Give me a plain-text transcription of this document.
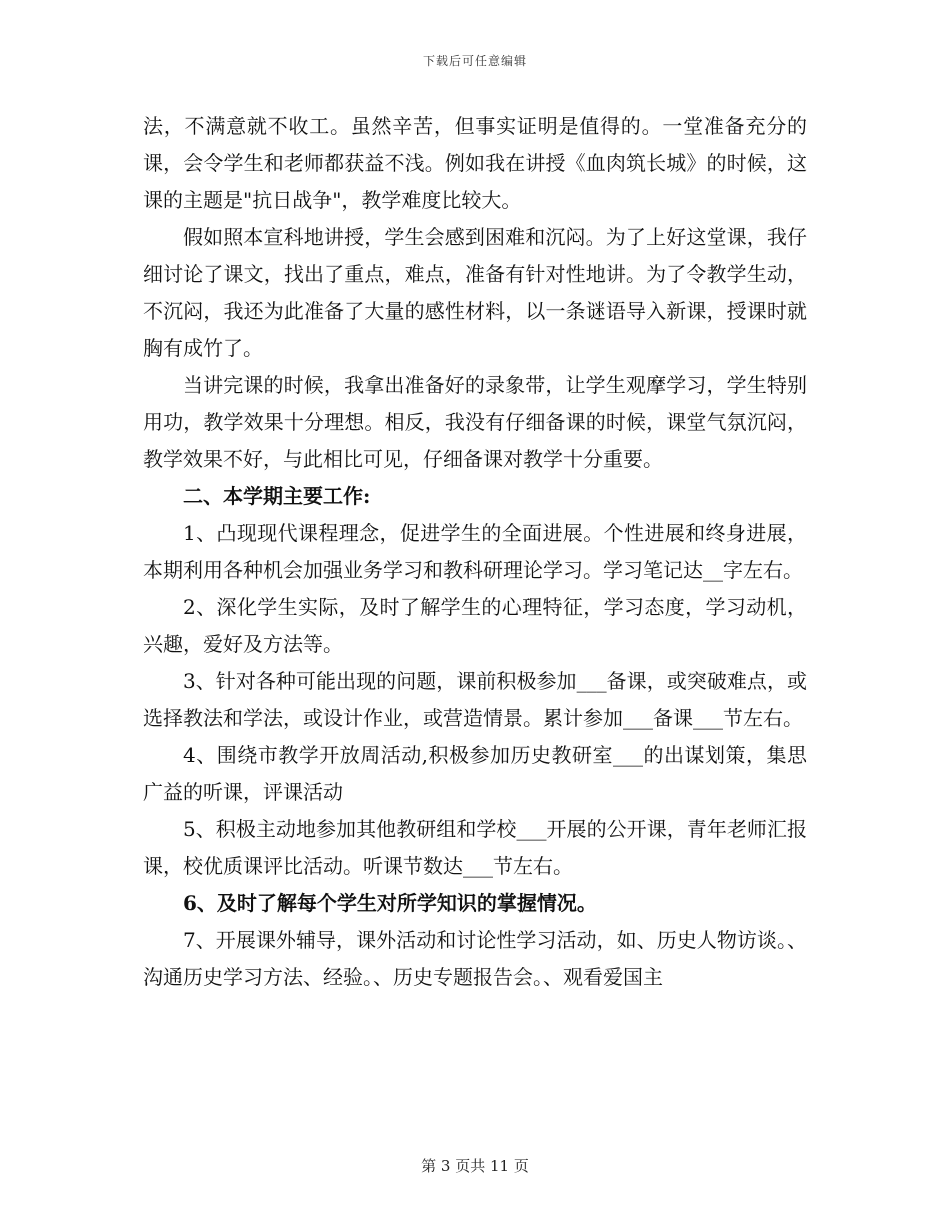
下载后可任意编辑

法，不满意就不收工。虽然辛苦，但事实证明是值得的。一堂准备充分的课，会令学生和老师都获益不浅。例如我在讲授《血肉筑长城》的时候，这课的主题是"抗日战争"，教学难度比较大。

假如照本宣科地讲授，学生会感到困难和沉闷。为了上好这堂课，我仔细讨论了课文，找出了重点，难点，准备有针对性地讲。为了令教学生动，不沉闷，我还为此准备了大量的感性材料，以一条谜语导入新课，授课时就胸有成竹了。

当讲完课的时候，我拿出准备好的录象带，让学生观摩学习，学生特别用功，教学效果十分理想。相反，我没有仔细备课的时候，课堂气氛沉闷，教学效果不好，与此相比可见，仔细备课对教学十分重要。

二、本学期主要工作:

1、凸现现代课程理念，促进学生的全面进展。个性进展和终身进展，本期利用各种机会加强业务学习和教科研理论学习。学习笔记达__字左右。

2、深化学生实际，及时了解学生的心理特征，学习态度，学习动机，兴趣，爱好及方法等。

3、针对各种可能出现的问题，课前积极参加___备课，或突破难点，或选择教法和学法，或设计作业，或营造情景。累计参加___备课___节左右。

4、围绕市教学开放周活动,积极参加历史教研室___的出谋划策，集思广益的听课，评课活动

5、积极主动地参加其他教研组和学校___开展的公开课，青年老师汇报课，校优质课评比活动。听课节数达___节左右。

6、及时了解每个学生对所学知识的掌握情况。

7、开展课外辅导，课外活动和讨论性学习活动，如、历史人物访谈。、沟通历史学习方法、经验。、历史专题报告会。、观看爱国主

第 3 页共 11 页
